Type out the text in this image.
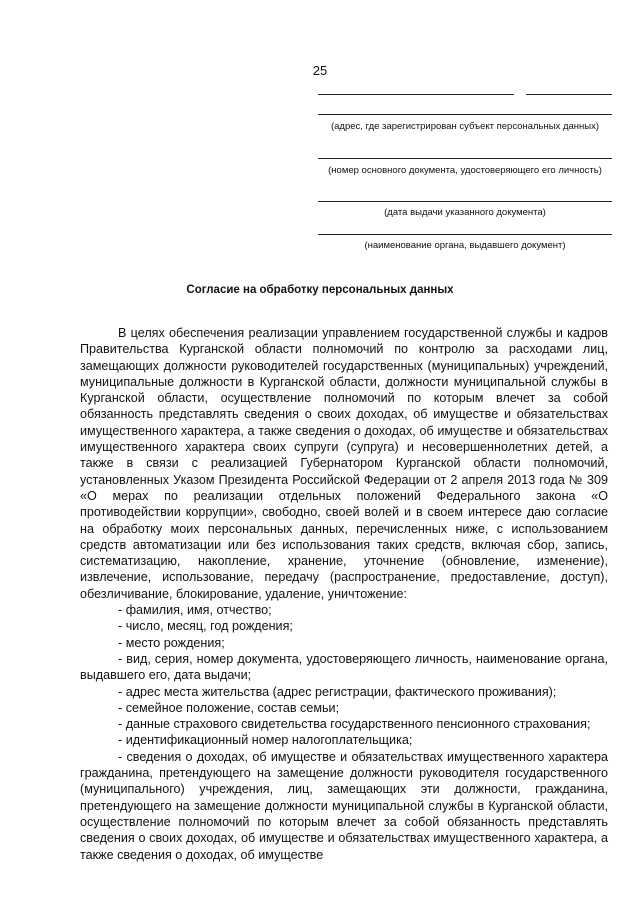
25
(адрес, где зарегистрирован субъект персональных данных)
(номер основного документа, удостоверяющего его личность)
(дата выдачи указанного документа)
(наименование органа, выдавшего документ)
Согласие на обработку персональных данных

В целях обеспечения реализации управлением государственной службы и кадров Правительства Курганской области полномочий по контролю за расходами лиц, замещающих должности руководителей государственных (муниципальных) учреждений, муниципальные должности в Курганской области, должности муниципальной службы в Курганской области, осуществление полномочий по которым влечет за собой обязанность представлять сведения о своих доходах, об имуществе и обязательствах имущественного характера, а также сведения о доходах, об имуществе и обязательствах имущественного характера своих супруги (супруга) и несовершеннолетних детей, а также в связи с реализацией Губернатором Курганской области полномочий, установленных Указом Президента Российской Федерации от 2 апреля 2013 года № 309 «О мерах по реализации отдельных положений Федерального закона «О противодействии коррупции», свободно, своей волей и в своем интересе даю согласие на обработку моих персональных данных, перечисленных ниже, с использованием средств автоматизации или без использования таких средств, включая сбор, запись, систематизацию, накопление, хранение, уточнение (обновление, изменение), извлечение, использование, передачу (распространение, предоставление, доступ), обезличивание, блокирование, удаление, уничтожение:

- фамилия, имя, отчество;
- число, месяц, год рождения;
- место рождения;
- вид, серия, номер документа, удостоверяющего личность, наименование органа, выдавшего его, дата выдачи;
- адрес места жительства (адрес регистрации, фактического проживания);
- семейное положение, состав семьи;
- данные страхового свидетельства государственного пенсионного страхования;
- идентификационный номер налогоплательщика;
- сведения о доходах, об имуществе и обязательствах имущественного характера гражданина, претендующего на замещение должности руководителя государственного (муниципального) учреждения, лиц, замещающих эти должности, гражданина, претендующего на замещение должности муниципальной службы в Курганской области, осуществление полномочий по которым влечет за собой обязанность представлять сведения о своих доходах, об имуществе и обязательствах имущественного характера, а также сведения о доходах, об имуществе
